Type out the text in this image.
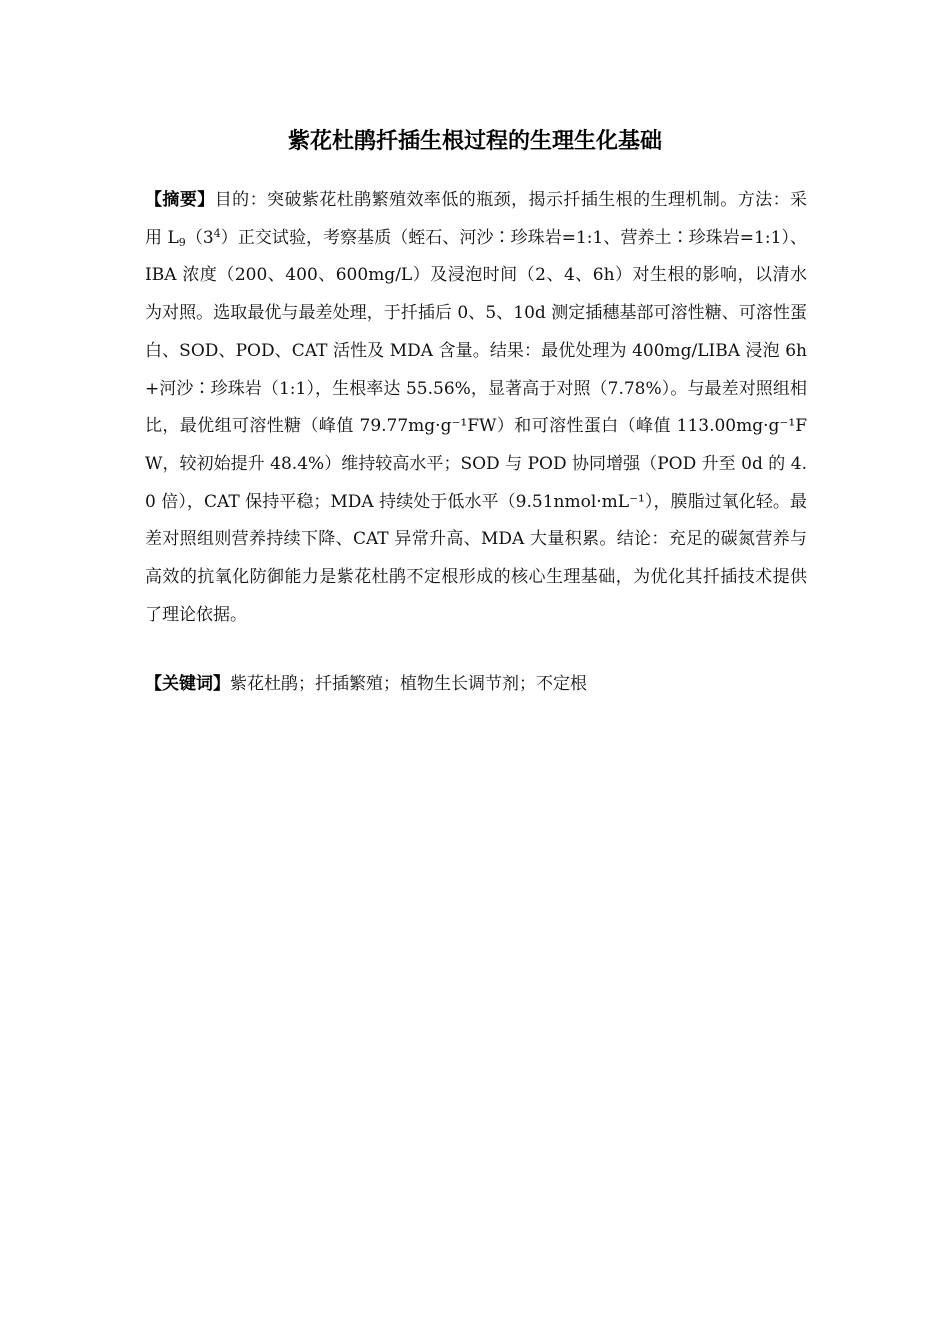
紫花杜鹃扦插生根过程的生理生化基础
【摘要】目的：突破紫花杜鹃繁殖效率低的瓶颈，揭示扦插生根的生理机制。方法：采用 $L_9(3^4)$正交试验，考察基质（蛭石、河沙∶珍珠岩=1:1、营养土∶珍珠岩=1:1）、IBA 浓度（200、400、600mg/L）及浸泡时间（2、4、6h）对生根的影响，以清水为对照。选取最优与最差处理，于扦插后 0、5、10d 测定插穗基部可溶性糖、可溶性蛋白、SOD、POD、CAT 活性及 MDA 含量。结果：最优处理为 400mg/LIBA 浸泡 6h+河沙∶珍珠岩（1:1），生根率达 55.56%，显著高于对照（7.78%）。与最差对照组相比，最优组可溶性糖（峰值 79.77mg·g⁻¹FW）和可溶性蛋白（峰值 113.00mg·g⁻¹FW，较初始提升 48.4%）维持较高水平；SOD 与 POD 协同增强（POD 升至 0d 的 4.0 倍），CAT 保持平稳；MDA 持续处于低水平（9.51nmol·mL⁻¹），膜脂过氧化轻。最差对照组则营养持续下降、CAT 异常升高、MDA 大量积累。结论：充足的碳氮营养与高效的抗氧化防御能力是紫花杜鹃不定根形成的核心生理基础，为优化其扦插技术提供了理论依据。
【关键词】紫花杜鹃；扦插繁殖；植物生长调节剂；不定根
